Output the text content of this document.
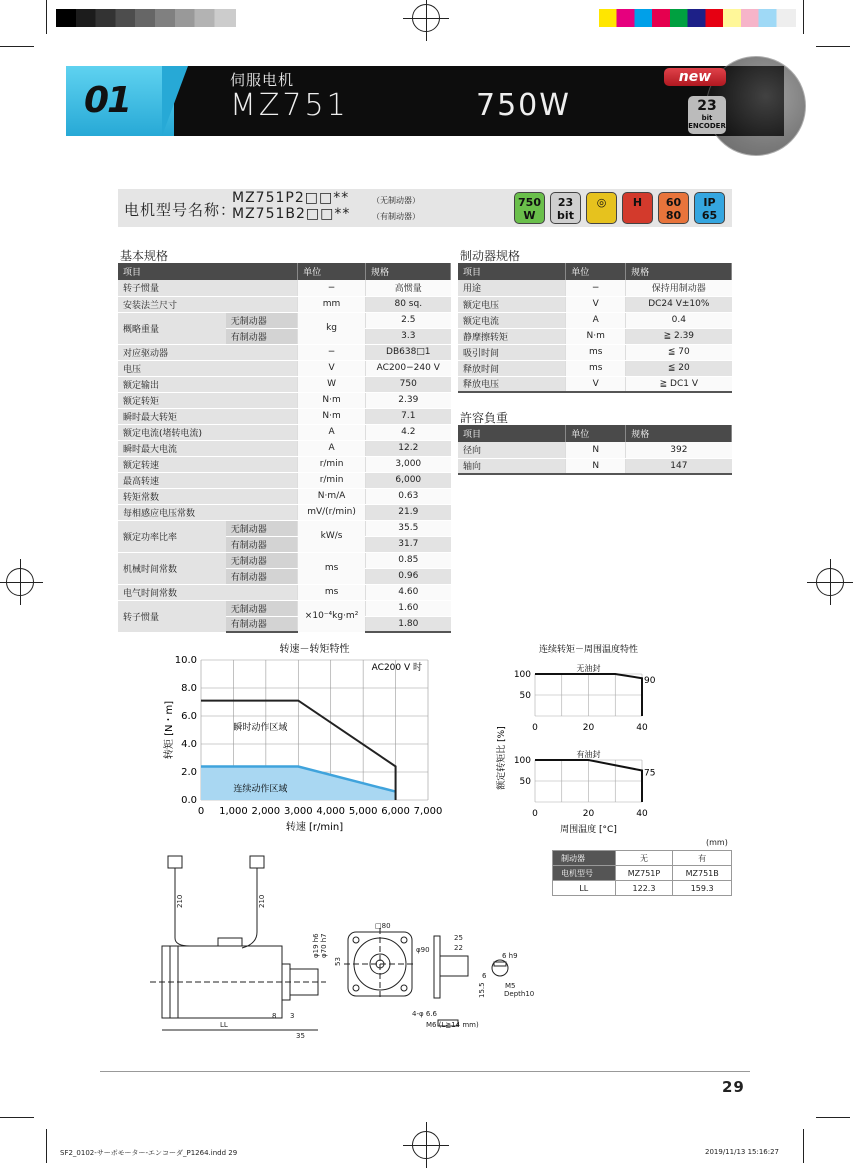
01	伺服电机
MZ751	750W
new
23
bit
ENCODER
电机型号名称：
MZ751P2□□**	（无制动器）
MZ751B2□□**	（有制动器）
750
W
23
bit
◎	H	60
80
IP
65
基本规格
项目		单位	规格
转子惯量		−	高惯量
安装法兰尺寸		mm	80 sq.
概略重量	无制动器	kg	2.5
	有制动器		3.3
对应驱动器		−	DB638□1
电压		V	AC200−240 V
额定输出		W	750
额定转矩		N·m	2.39
瞬时最大转矩		N·m	7.1
额定电流(堵转电流)		A	4.2
瞬时最大电流		A	12.2
额定转速		r/min	3,000
最高转速		r/min	6,000
转矩常数		N·m/A	0.63
每相感应电压常数		mV/(r/min)	21.9
额定功率比率	无制动器	kW/s	35.5
	有制动器		31.7
机械时间常数	无制动器	ms	0.85
	有制动器		0.96
电气时间常数		ms	4.60
转子惯量	无制动器	×10⁻⁴kg·m²	1.60
	有制动器		1.80
制动器规格
项目	单位	规格
用途	−	保持用制动器
额定电压	V	DC24 V±10%
额定电流	A	0.4
静摩擦转矩	N·m	≧ 2.39
吸引时间	ms	≦ 70
释放时间	ms	≦ 20
释放电压	V	≧ DC1 V
許容負重
项目	单位	规格
径向	N	392
轴向	N	147
0.0
2.0
4.0
6.0
8.0
10.0
0 1,000 2,000 3,000 4,000 5,000 6,000 7,000
转速－转矩特性
转速 [r/min]
转矩 [N・m]
AC200 V 时
瞬时动作区域
连续动作区域
50
100
0	20	40
无油封
90
连续转矩－周围温度特性
50
100
0	20	40
有油封
75
额定转矩比 [%]
周围温度 [°C]
(mm)
制动器	无	有
电机型号	MZ751P	MZ751B
LL	122.3	159.3
210	210
□80
φ90
φ70 h7
φ19 h6
53
25
22
6 h9
6
15.5	M5
Depth10
4-φ 6.6
M6 (L≧14 mm)
LL
8 3
35
29
SF2_0102-サーボモーター-エンコーダ_P1264.indd 29	2019/11/13 15:16:27
